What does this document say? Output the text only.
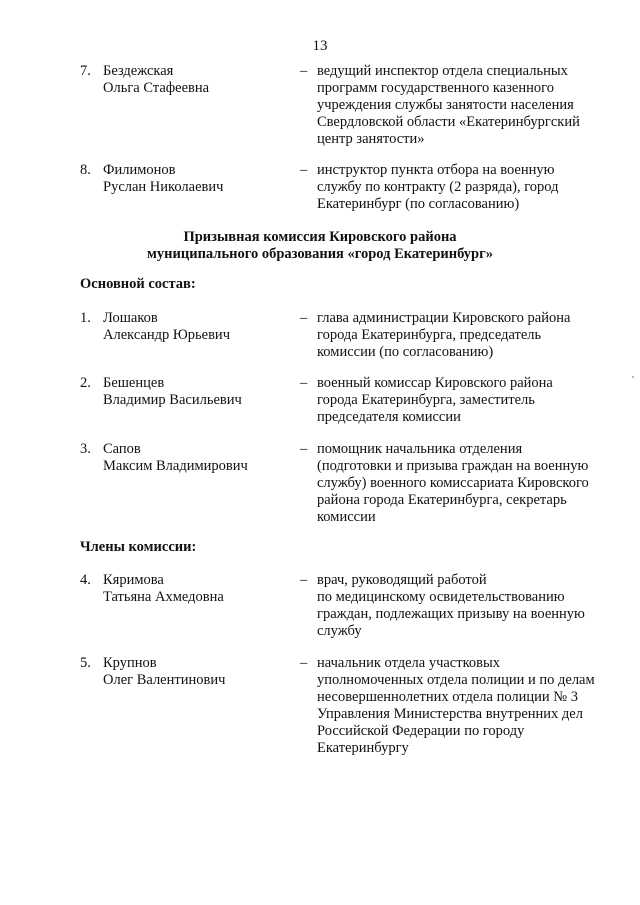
13
7. Бездежская
Ольга Стафеевна
– ведущий инспектор отдела специальных
программ государственного казенного
учреждения службы занятости населения
Свердловской области «Екатеринбургский
центр занятости»
8. Филимонов
Руслан Николаевич
– инструктор пункта отбора на военную
службу по контракту (2 разряда), город
Екатеринбург (по согласованию)
Призывная комиссия Кировского района
муниципального образования «город Екатеринбург»
Основной состав:
1. Лошаков
Александр Юрьевич
– глава администрации Кировского района
города Екатеринбурга, председатель
комиссии (по согласованию)
2. Бешенцев
Владимир Васильевич
– военный комиссар Кировского района
города Екатеринбурга, заместитель
председателя комиссии
3. Сапов
Максим Владимирович
– помощник начальника отделения
(подготовки и призыва граждан на военную
службу) военного комиссариата Кировского
района города Екатеринбурга, секретарь
комиссии
Члены комиссии:
4. Кяримова
Татьяна Ахмедовна
– врач, руководящий работой
по медицинскому освидетельствованию
граждан, подлежащих призыву на военную
службу
5. Крупнов
Олег Валентинович
– начальник отдела участковых
уполномоченных отдела полиции и по делам
несовершеннолетних отдела полиции № 3
Управления Министерства внутренних дел
Российской Федерации по городу
Екатеринбургу
